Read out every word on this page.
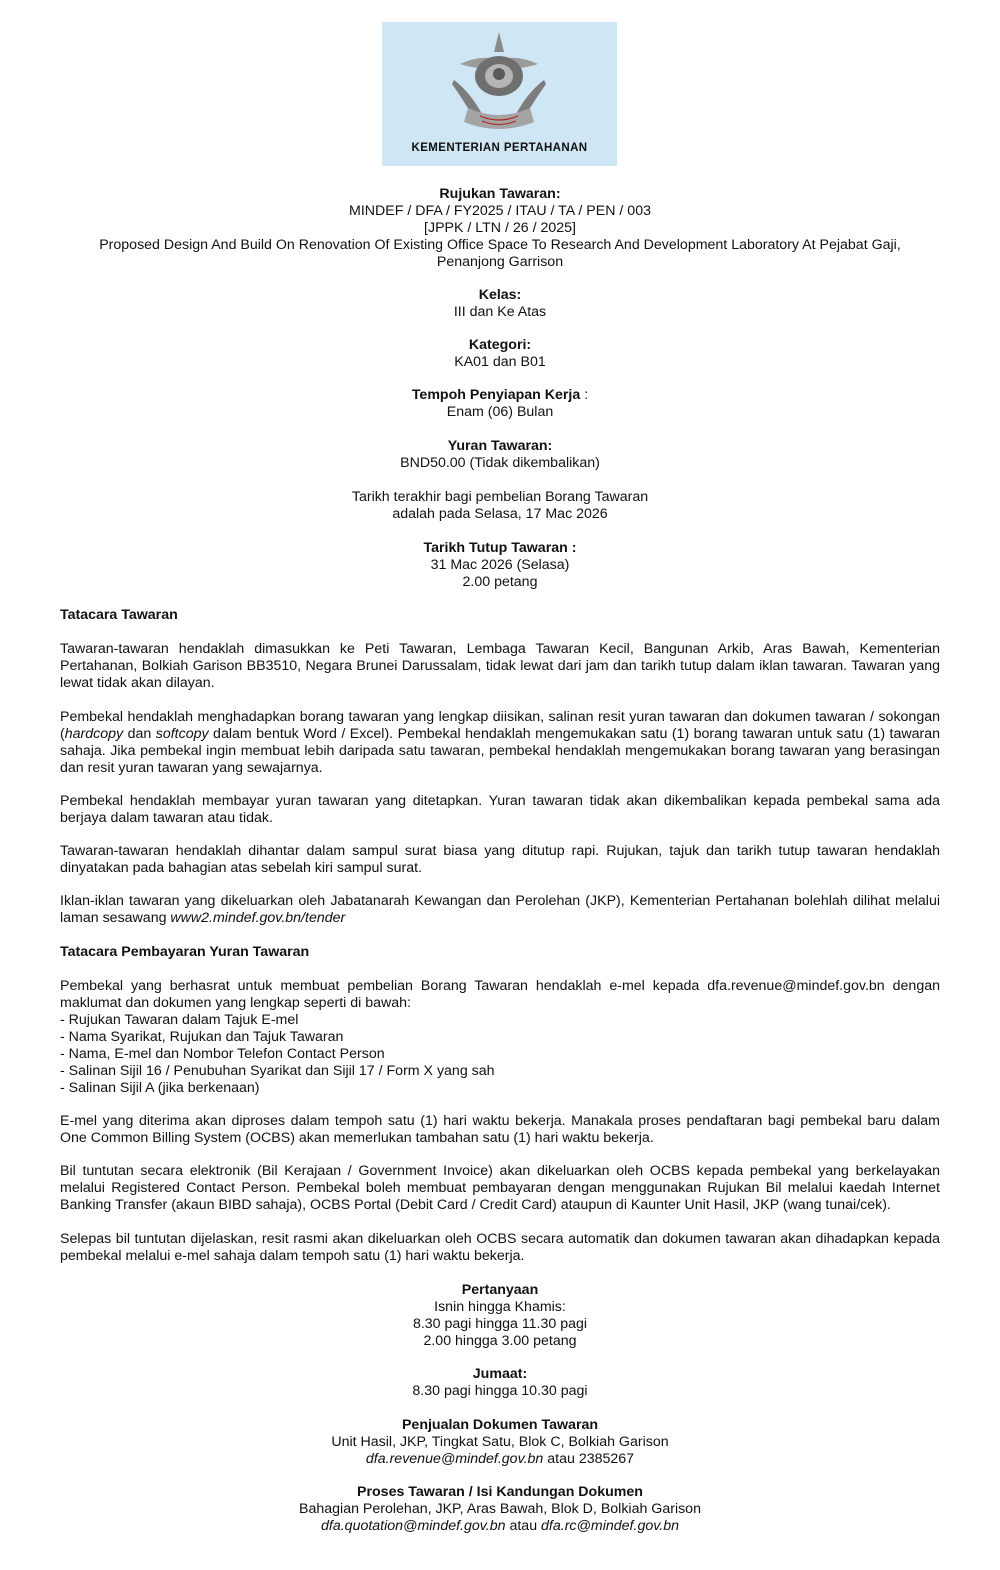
KEMENTERIAN PERTAHANAN
Rujukan Tawaran:
MINDEF / DFA / FY2025 / ITAU / TA / PEN / 003
[JPPK / LTN / 26 / 2025]
Proposed Design And Build On Renovation Of Existing Office Space To Research And Development Laboratory At Pejabat Gaji,
Penanjong Garrison
Kelas:
III dan Ke Atas
Kategori:
KA01 dan B01
Tempoh Penyiapan Kerja :
Enam (06) Bulan
Yuran Tawaran:
BND50.00 (Tidak dikembalikan)
Tarikh terakhir bagi pembelian Borang Tawaran
adalah pada Selasa, 17 Mac 2026
Tarikh Tutup Tawaran :
31 Mac 2026 (Selasa)
2.00 petang
Tatacara Tawaran
Tawaran-tawaran hendaklah dimasukkan ke Peti Tawaran, Lembaga Tawaran Kecil, Bangunan Arkib, Aras Bawah, Kementerian Pertahanan, Bolkiah Garison BB3510, Negara Brunei Darussalam, tidak lewat dari jam dan tarikh tutup dalam iklan tawaran. Tawaran yang lewat tidak akan dilayan.
Pembekal hendaklah menghadapkan borang tawaran yang lengkap diisikan, salinan resit yuran tawaran dan dokumen tawaran / sokongan (hardcopy dan softcopy dalam bentuk Word / Excel). Pembekal hendaklah mengemukakan satu (1) borang tawaran untuk satu (1) tawaran sahaja. Jika pembekal ingin membuat lebih daripada satu tawaran, pembekal hendaklah mengemukakan borang tawaran yang berasingan dan resit yuran tawaran yang sewajarnya.
Pembekal hendaklah membayar yuran tawaran yang ditetapkan. Yuran tawaran tidak akan dikembalikan kepada pembekal sama ada berjaya dalam tawaran atau tidak.
Tawaran-tawaran hendaklah dihantar dalam sampul surat biasa yang ditutup rapi. Rujukan, tajuk dan tarikh tutup tawaran hendaklah dinyatakan pada bahagian atas sebelah kiri sampul surat.
Iklan-iklan tawaran yang dikeluarkan oleh Jabatanarah Kewangan dan Perolehan (JKP), Kementerian Pertahanan bolehlah dilihat melalui laman sesawang www2.mindef.gov.bn/tender
Tatacara Pembayaran Yuran Tawaran
Pembekal yang berhasrat untuk membuat pembelian Borang Tawaran hendaklah e-mel kepada dfa.revenue@mindef.gov.bn dengan maklumat dan dokumen yang lengkap seperti di bawah:
- Rujukan Tawaran dalam Tajuk E-mel
- Nama Syarikat, Rujukan dan Tajuk Tawaran
- Nama, E-mel dan Nombor Telefon Contact Person
- Salinan Sijil 16 / Penubuhan Syarikat dan Sijil 17 / Form X yang sah
- Salinan Sijil A (jika berkenaan)
E-mel yang diterima akan diproses dalam tempoh satu (1) hari waktu bekerja. Manakala proses pendaftaran bagi pembekal baru dalam One Common Billing System (OCBS) akan memerlukan tambahan satu (1) hari waktu bekerja.
Bil tuntutan secara elektronik (Bil Kerajaan / Government Invoice) akan dikeluarkan oleh OCBS kepada pembekal yang berkelayakan melalui Registered Contact Person. Pembekal boleh membuat pembayaran dengan menggunakan Rujukan Bil melalui kaedah Internet Banking Transfer (akaun BIBD sahaja), OCBS Portal (Debit Card / Credit Card) ataupun di Kaunter Unit Hasil, JKP (wang tunai/cek).
Selepas bil tuntutan dijelaskan, resit rasmi akan dikeluarkan oleh OCBS secara automatik dan dokumen tawaran akan dihadapkan kepada pembekal melalui e-mel sahaja dalam tempoh satu (1) hari waktu bekerja.
Pertanyaan
Isnin hingga Khamis:
8.30 pagi hingga 11.30 pagi
2.00 hingga 3.00 petang
Jumaat:
8.30 pagi hingga 10.30 pagi
Penjualan Dokumen Tawaran
Unit Hasil, JKP, Tingkat Satu, Blok C, Bolkiah Garison
dfa.revenue@mindef.gov.bn atau 2385267
Proses Tawaran / Isi Kandungan Dokumen
Bahagian Perolehan, JKP, Aras Bawah, Blok D, Bolkiah Garison
dfa.quotation@mindef.gov.bn atau dfa.rc@mindef.gov.bn
